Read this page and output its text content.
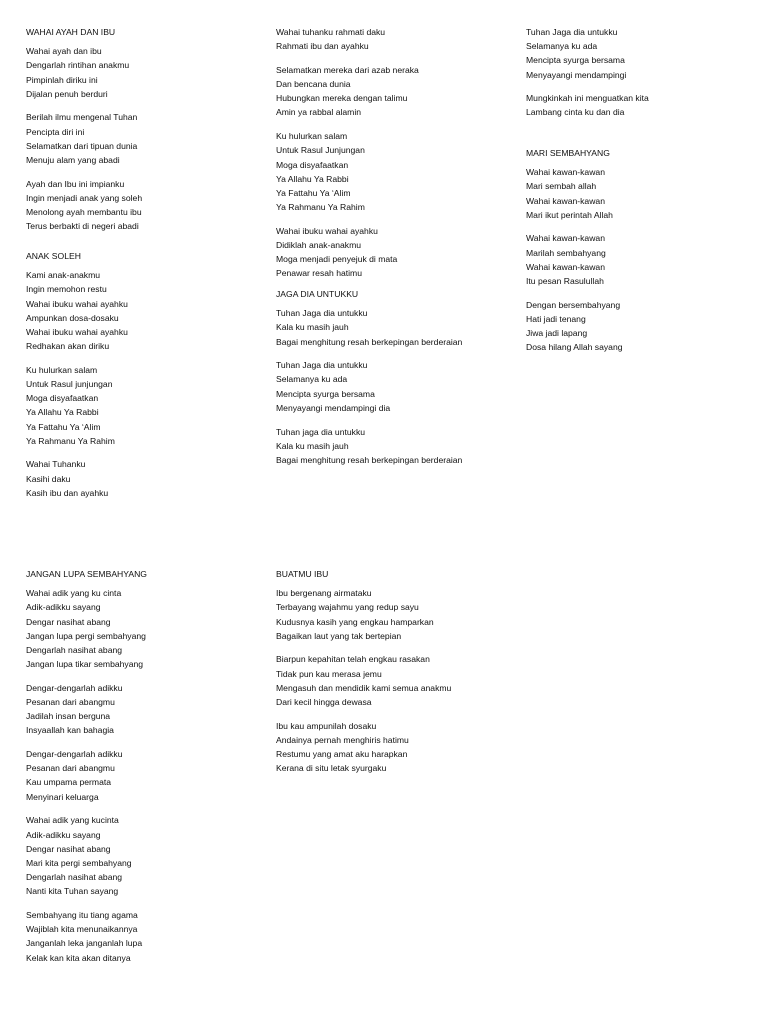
WAHAI AYAH DAN IBU
Wahai ayah dan ibu
Dengarlah rintihan anakmu
Pimpinlah diriku ini
Dijalan penuh berduri
Berilah ilmu mengenal Tuhan
Pencipta diri ini
Selamatkan dari tipuan dunia
Menuju alam yang abadi
Ayah dan Ibu ini impianku
Ingin menjadi anak yang soleh
Menolong ayah membantu ibu
Terus berbakti di negeri abadi
ANAK SOLEH
Kami anak-anakmu
Ingin memohon restu
Wahai ibuku wahai ayahku
Ampunkan dosa-dosaku
Wahai ibuku wahai ayahku
Redhakan akan diriku
Ku hulurkan salam
Untuk Rasul junjungan
Moga disyafaatkan
Ya Allahu Ya Rabbi
Ya Fattahu Ya ‘Alim
Ya Rahmanu Ya Rahim
Wahai Tuhanku
Kasihi daku
Kasih ibu dan ayahku
Wahai tuhanku rahmati daku
Rahmati ibu dan ayahku
Selamatkan mereka dari azab neraka
Dan bencana dunia
Hubungkan mereka dengan talimu
Amin ya rabbal alamin
Ku hulurkan salam
Untuk Rasul Junjungan
Moga disyafaatkan
Ya Allahu Ya Rabbi
Ya Fattahu Ya ‘Alim
Ya Rahmanu Ya Rahim
Wahai ibuku wahai ayahku
Didiklah anak-anakmu
Moga menjadi penyejuk di mata
Penawar resah hatimu
JAGA DIA UNTUKKU
Tuhan Jaga dia untukku
Kala ku masih jauh
Bagai menghitung resah berkepingan berderaian
Tuhan Jaga dia untukku
Selamanya ku ada
Mencipta syurga bersama
Menyayangi mendampingi dia
Tuhan jaga dia untukku
Kala ku masih jauh
Bagai menghitung resah berkepingan berderaian
Tuhan Jaga dia untukku
Selamanya ku ada
Mencipta syurga bersama
Menyayangi mendampingi
Mungkinkah ini menguatkan kita
Lambang cinta ku dan dia
MARI SEMBAHYANG
Wahai kawan-kawan
Mari sembah allah
Wahai kawan-kawan
Mari ikut perintah Allah
Wahai kawan-kawan
Marilah sembahyang
Wahai kawan-kawan
Itu pesan Rasulullah
Dengan bersembahyang
Hati jadi tenang
Jiwa jadi lapang
Dosa hilang Allah sayang
JANGAN LUPA SEMBAHYANG
Wahai adik yang ku cinta
Adik-adikku sayang
Dengar nasihat abang
Jangan lupa pergi sembahyang
Dengarlah nasihat abang
Jangan lupa tikar sembahyang
Dengar-dengarlah adikku
Pesanan dari abangmu
Jadilah insan berguna
Insyaallah kan bahagia
Dengar-dengarlah adikku
Pesanan dari abangmu
Kau umpama permata
Menyinari keluarga
Wahai adik yang kucinta
Adik-adikku sayang
Dengar nasihat abang
Mari kita pergi sembahyang
Dengarlah nasihat abang
Nanti kita Tuhan sayang
Sembahyang itu tiang agama
Wajiblah kita menunaikannya
Janganlah leka janganlah lupa
Kelak kan kita akan ditanya
BUATMU IBU
Ibu bergenang airmataku
Terbayang wajahmu yang redup sayu
Kudusnya kasih yang engkau hamparkan
Bagaikan laut yang tak bertepian
Biarpun kepahitan telah engkau rasakan
Tidak pun kau merasa jemu
Mengasuh dan mendidik kami semua anakmu
Dari kecil hingga dewasa
Ibu kau ampunilah dosaku
Andainya pernah menghiris hatimu
Restumu yang amat aku harapkan
Kerana di situ letak syurgaku
